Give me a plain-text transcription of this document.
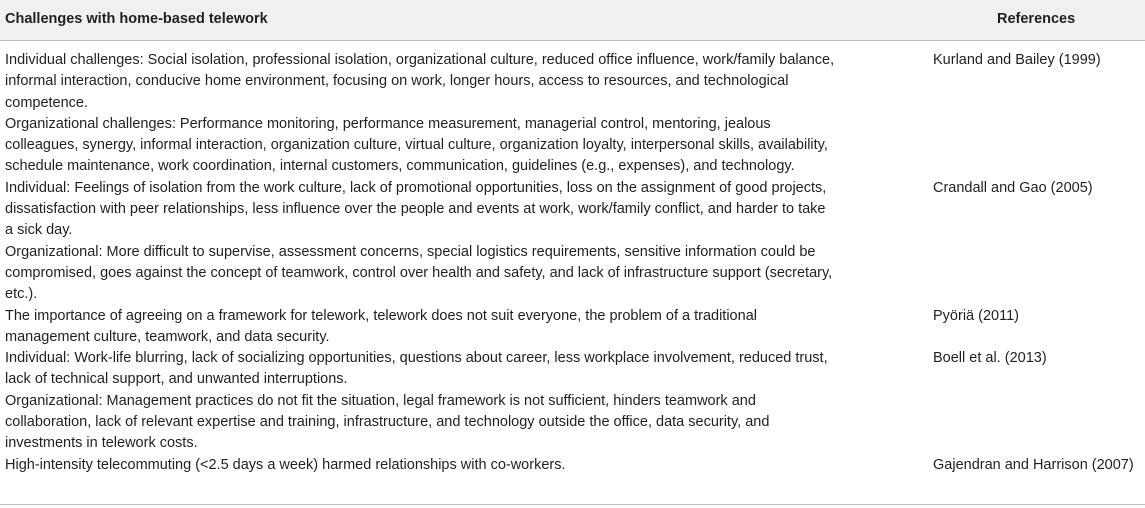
Challenges with home-based telework	References
Individual challenges: Social isolation, professional isolation, organizational culture, reduced office influence, work/family balance, informal interaction, conducive home environment, focusing on work, longer hours, access to resources, and technological competence.
Kurland and Bailey (1999)
Organizational challenges: Performance monitoring, performance measurement, managerial control, mentoring, jealous colleagues, synergy, informal interaction, organization culture, virtual culture, organization loyalty, interpersonal skills, availability, schedule maintenance, work coordination, internal customers, communication, guidelines (e.g., expenses), and technology.
Individual: Feelings of isolation from the work culture, lack of promotional opportunities, loss on the assignment of good projects, dissatisfaction with peer relationships, less influence over the people and events at work, work/family conflict, and harder to take a sick day.
Crandall and Gao (2005)
Organizational: More difficult to supervise, assessment concerns, special logistics requirements, sensitive information could be compromised, goes against the concept of teamwork, control over health and safety, and lack of infrastructure support (secretary, etc.).
The importance of agreeing on a framework for telework, telework does not suit everyone, the problem of a traditional management culture, teamwork, and data security.
Pyöriä (2011)
Individual: Work-life blurring, lack of socializing opportunities, questions about career, less workplace involvement, reduced trust, lack of technical support, and unwanted interruptions.
Boell et al. (2013)
Organizational: Management practices do not fit the situation, legal framework is not sufficient, hinders teamwork and collaboration, lack of relevant expertise and training, infrastructure, and technology outside the office, data security, and investments in telework costs.
High-intensity telecommuting (<2.5 days a week) harmed relationships with co-workers.	Gajendran and Harrison (2007)
